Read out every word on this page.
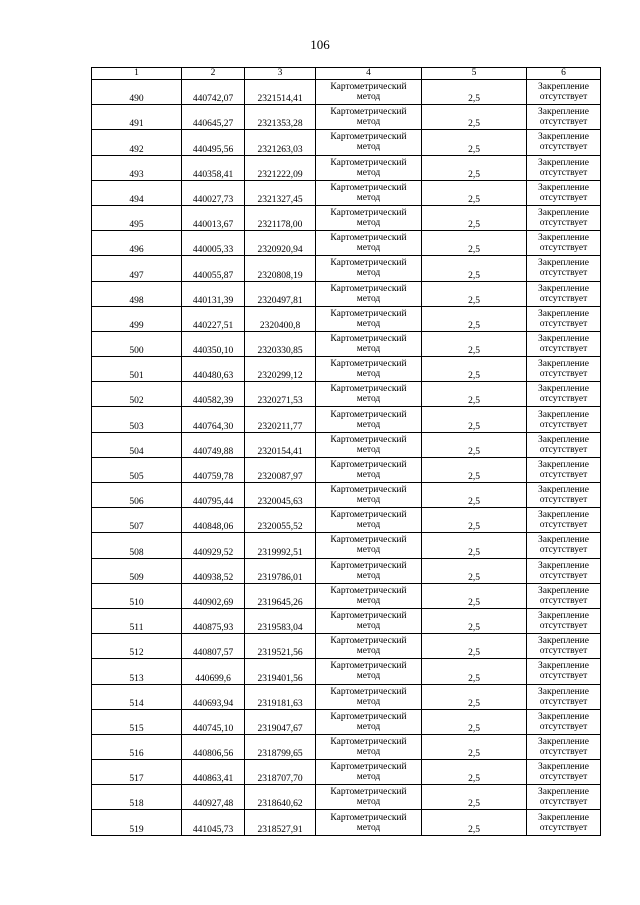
106
1	2	3	4	5	6
490	440742,07	2321514,41	Картометрический
метод	2,5	Закрепление
отсутствует

491	440645,27	2321353,28	Картометрический
метод	2,5	Закрепление
отсутствует

492	440495,56	2321263,03	Картометрический
метод	2,5	Закрепление
отсутствует

493	440358,41	2321222,09	Картометрический
метод	2,5	Закрепление
отсутствует

494	440027,73	2321327,45	Картометрический
метод	2,5	Закрепление
отсутствует

495	440013,67	2321178,00	Картометрический
метод	2,5	Закрепление
отсутствует

496	440005,33	2320920,94	Картометрический
метод	2,5	Закрепление
отсутствует

497	440055,87	2320808,19	Картометрический
метод	2,5	Закрепление
отсутствует

498	440131,39	2320497,81	Картометрический
метод	2,5	Закрепление
отсутствует

499	440227,51	2320400,8	Картометрический
метод	2,5	Закрепление
отсутствует

500	440350,10	2320330,85	Картометрический
метод	2,5	Закрепление
отсутствует

501	440480,63	2320299,12	Картометрический
метод	2,5	Закрепление
отсутствует

502	440582,39	2320271,53	Картометрический
метод	2,5	Закрепление
отсутствует

503	440764,30	2320211,77	Картометрический
метод	2,5	Закрепление
отсутствует

504	440749,88	2320154,41	Картометрический
метод	2,5	Закрепление
отсутствует

505	440759,78	2320087,97	Картометрический
метод	2,5	Закрепление
отсутствует

506	440795,44	2320045,63	Картометрический
метод	2,5	Закрепление
отсутствует

507	440848,06	2320055,52	Картометрический
метод	2,5	Закрепление
отсутствует

508	440929,52	2319992,51	Картометрический
метод	2,5	Закрепление
отсутствует

509	440938,52	2319786,01	Картометрический
метод	2,5	Закрепление
отсутствует

510	440902,69	2319645,26	Картометрический
метод	2,5	Закрепление
отсутствует

511	440875,93	2319583,04	Картометрический
метод	2,5	Закрепление
отсутствует

512	440807,57	2319521,56	Картометрический
метод	2,5	Закрепление
отсутствует

513	440699,6	2319401,56	Картометрический
метод	2,5	Закрепление
отсутствует

514	440693,94	2319181,63	Картометрический
метод	2,5	Закрепление
отсутствует

515	440745,10	2319047,67	Картометрический
метод	2,5	Закрепление
отсутствует

516	440806,56	2318799,65	Картометрический
метод	2,5	Закрепление
отсутствует

517	440863,41	2318707,70	Картометрический
метод	2,5	Закрепление
отсутствует

518	440927,48	2318640,62	Картометрический
метод	2,5	Закрепление
отсутствует

519	441045,73	2318527,91	Картометрический
метод	2,5	Закрепление
отсутствует
